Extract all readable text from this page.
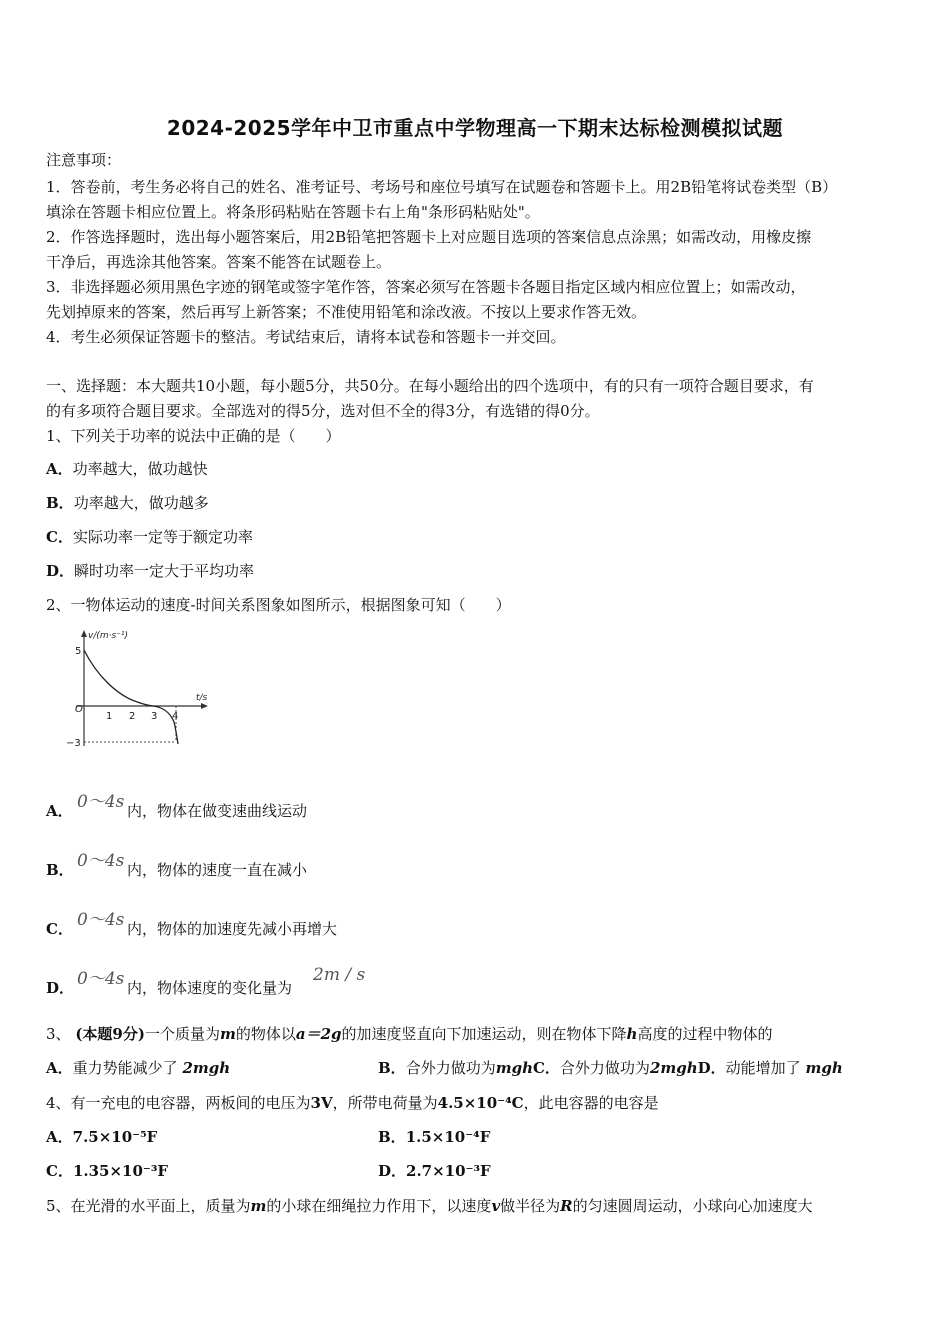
2024-2025学年中卫市重点中学物理高一下期末达标检测模拟试题
注意事项：
1．答卷前，考生务必将自己的姓名、准考证号、考场号和座位号填写在试题卷和答题卡上。用2B铅笔将试卷类型（B）
填涂在答题卡相应位置上。将条形码粘贴在答题卡右上角"条形码粘贴处"。
2．作答选择题时，选出每小题答案后，用2B铅笔把答题卡上对应题目选项的答案信息点涂黑；如需改动，用橡皮擦
干净后，再选涂其他答案。答案不能答在试题卷上。
3．非选择题必须用黑色字迹的钢笔或签字笔作答，答案必须写在答题卡各题目指定区域内相应位置上；如需改动，
先划掉原来的答案，然后再写上新答案；不准使用铅笔和涂改液。不按以上要求作答无效。
4．考生必须保证答题卡的整洁。考试结束后，请将本试卷和答题卡一并交回。
一、选择题：本大题共10小题，每小题5分，共50分。在每小题给出的四个选项中，有的只有一项符合题目要求，有
的有多项符合题目要求。全部选对的得5分，选对但不全的得3分，有选错的得0分。
1、下列关于功率的说法中正确的是（　　）
A．功率越大，做功越快
B．功率越大，做功越多
C．实际功率一定等于额定功率
D．瞬时功率一定大于平均功率
2、一物体运动的速度-时间关系图象如图所示，根据图象可知（　　）
v/(m·s⁻¹)
t/s
O
5
−3
1 2 3 4
A． 0～4s 内，物体在做变速曲线运动
B． 0～4s 内，物体的速度一直在减小
C． 0～4s 内，物体的加速度先减小再增大
D． 0～4s 内，物体速度的变化量为
2m / s
3、 (本题9分)一个质量为m的物体以a＝2g的加速度竖直向下加速运动，则在物体下降h高度的过程中物体的
A．重力势能减少了 2mgh	B．合外力做功为mghC．合外力做功为2mghD．动能增加了 mgh
4、有一充电的电容器，两板间的电压为3V，所带电荷量为4.5×10⁻⁴C，此电容器的电容是
A．7.5×10⁻⁵F	B．1.5×10⁻⁴F
C．1.35×10⁻³F	D．2.7×10⁻³F
5、在光滑的水平面上，质量为m的小球在细绳拉力作用下，以速度v做半径为R的匀速圆周运动，小球向心加速度大
